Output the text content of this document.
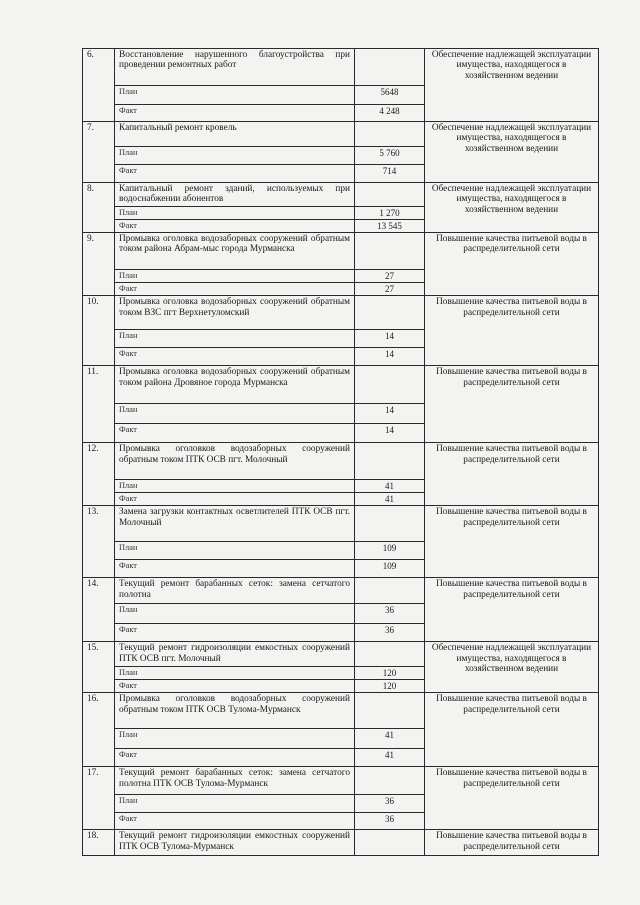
6.	Восстановление нарушенного благоустройства при проведении ремонтных работ		Обеспечение надлежащей эксплуатации имущества, находящегося в хозяйственном ведении
	План	5648	
	Факт	4 248	
7.	Капитальный ремонт кровель		Обеспечение надлежащей эксплуатации имущества, находящегося в хозяйственном ведении
	План	5 760	
	Факт	714	
8.	Капитальный ремонт зданий, используемых при водоснабжении абонентов		Обеспечение надлежащей эксплуатации имущества, находящегося в хозяйственном ведении
	План	1 270	
	Факт	13 545	
9.	Промывка оголовка водозаборных сооружений обратным током района Абрам-мыс города Мурманска		Повышение качества питьевой воды в распределительной сети
	План	27	
	Факт	27	
10.	Промывка оголовка водозаборных сооружений обратным током ВЗС пгт Верхнетуломский		Повышение качества питьевой воды в распределительной сети
	План	14	
	Факт	14	
11.	Промывка оголовка водозаборных сооружений обратным током района Дровяное города Мурманска		Повышение качества питьевой воды в распределительной сети
	План	14	
	Факт	14	
12.	Промывка оголовков водозаборных сооружений обратным током ПТК ОСВ пгт. Молочный		Повышение качества питьевой воды в распределительной сети
	План	41	
	Факт	41	
13.	Замена загрузки контактных осветлителей ПТК ОСВ пгт. Молочный		Повышение качества питьевой воды в распределительной сети
	План	109	
	Факт	109	
14.	Текущий ремонт барабанных сеток: замена сетчатого полотна		Повышение качества питьевой воды в распределительной сети
	План	36	
	Факт	36	
15.	Текущий ремонт гидроизоляции емкостных сооружений ПТК ОСВ пгт. Молочный		Обеспечение надлежащей эксплуатации имущества, находящегося в хозяйственном ведении
	План	120	
	Факт	120	
16.	Промывка оголовков водозаборных сооружений обратным током ПТК ОСВ Тулома-Мурманск		Повышение качества питьевой воды в распределительной сети
	План	41	
	Факт	41	
17.	Текущий ремонт барабанных сеток: замена сетчатого полотна ПТК ОСВ Тулома-Мурманск		Повышение качества питьевой воды в распределительной сети
	План	36	
	Факт	36	
18.	Текущий ремонт гидроизоляции емкостных сооружений ПТК ОСВ Тулома-Мурманск		Повышение качества питьевой воды в распределительной сети
